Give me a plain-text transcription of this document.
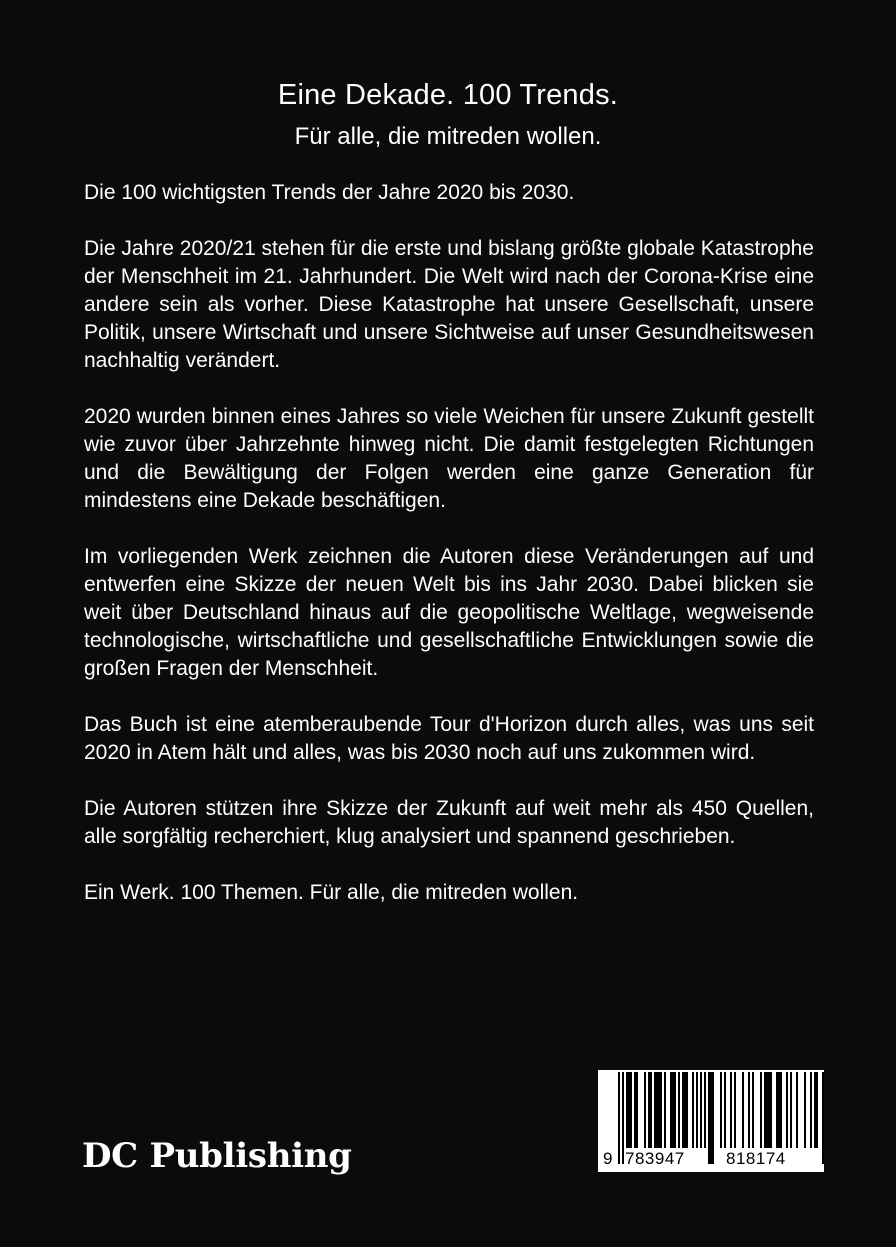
Eine Dekade. 100 Trends.
Für alle, die mitreden wollen.

Die 100 wichtigsten Trends der Jahre 2020 bis 2030.

Die Jahre 2020/21 stehen für die erste und bislang größte globale Katastrophe der Menschheit im 21. Jahrhundert. Die Welt wird nach der Corona-Krise eine andere sein als vorher. Diese Katastrophe hat unsere Gesellschaft, unsere Politik, unsere Wirtschaft und unsere Sichtweise auf unser Gesundheitswesen nachhaltig verändert.

2020 wurden binnen eines Jahres so viele Weichen für unsere Zukunft gestellt wie zuvor über Jahrzehnte hinweg nicht. Die damit festgelegten Richtungen und die Bewältigung der Folgen werden eine ganze Generation für mindestens eine Dekade beschäftigen.

Im vorliegenden Werk zeichnen die Autoren diese Veränderungen auf und entwerfen eine Skizze der neuen Welt bis ins Jahr 2030. Dabei blicken sie weit über Deutschland hinaus auf die geopolitische Weltlage, wegweisende technologische, wirtschaftliche und gesellschaftliche Entwicklungen sowie die großen Fragen der Menschheit.

Das Buch ist eine atemberaubende Tour d'Horizon durch alles, was uns seit 2020 in Atem hält und alles, was bis 2030 noch auf uns zukommen wird.

Die Autoren stützen ihre Skizze der Zukunft auf weit mehr als 450 Quellen, alle sorgfältig recherchiert, klug analysiert und spannend geschrieben.

Ein Werk. 100 Themen. Für alle, die mitreden wollen.

DC Publishing	9 783947 818174
